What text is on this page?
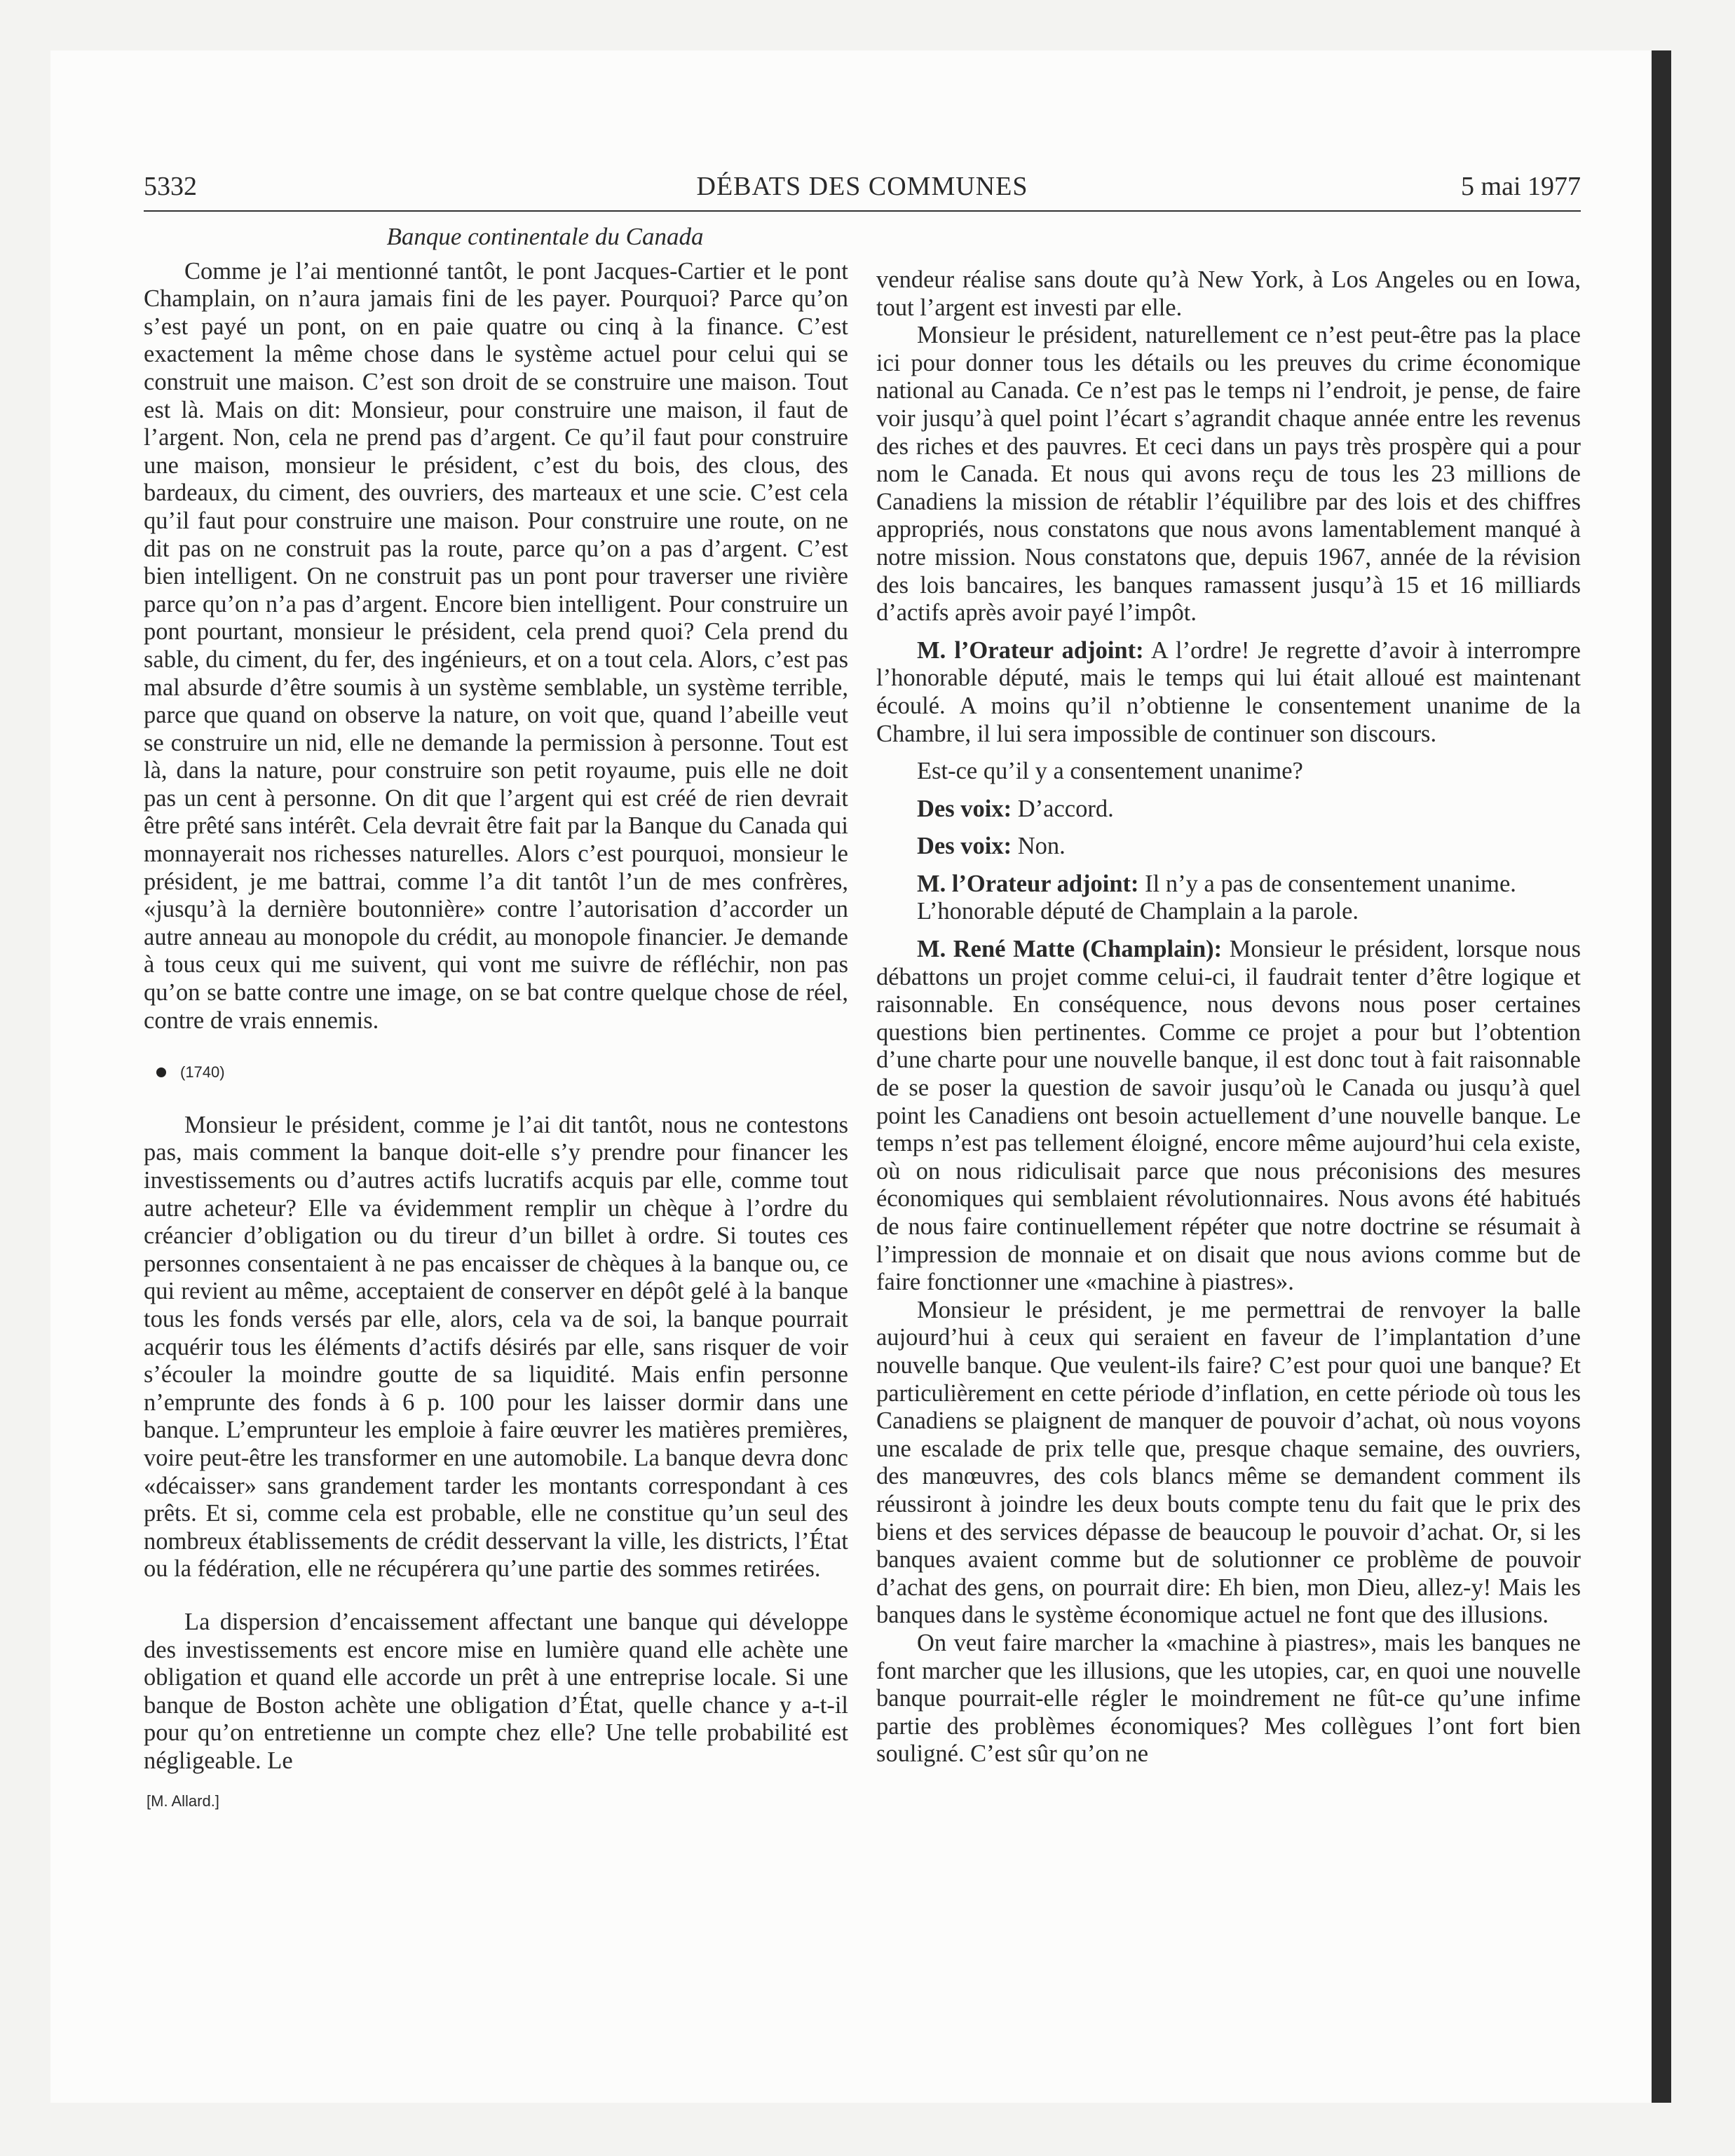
5332	DÉBATS DES COMMUNES	5 mai 1977
Banque continentale du Canada

Comme je l’ai mentionné tantôt, le pont Jacques-Cartier et le pont Champlain, on n’aura jamais fini de les payer. Pourquoi? Parce qu’on s’est payé un pont, on en paie quatre ou cinq à la finance. C’est exactement la même chose dans le système actuel pour celui qui se construit une maison. C’est son droit de se construire une maison. Tout est là. Mais on dit: Monsieur, pour construire une maison, il faut de l’argent. Non, cela ne prend pas d’argent. Ce qu’il faut pour construire une maison, monsieur le président, c’est du bois, des clous, des bardeaux, du ciment, des ouvriers, des marteaux et une scie. C’est cela qu’il faut pour construire une maison. Pour construire une route, on ne dit pas on ne construit pas la route, parce qu’on a pas d’argent. C’est bien intelligent. On ne construit pas un pont pour traverser une rivière parce qu’on n’a pas d’argent. Encore bien intelligent. Pour construire un pont pourtant, monsieur le président, cela prend quoi? Cela prend du sable, du ciment, du fer, des ingénieurs, et on a tout cela. Alors, c’est pas mal absurde d’être soumis à un système semblable, un système terrible, parce que quand on observe la nature, on voit que, quand l’abeille veut se construire un nid, elle ne demande la permission à personne. Tout est là, dans la nature, pour construire son petit royaume, puis elle ne doit pas un cent à personne. On dit que l’argent qui est créé de rien devrait être prêté sans intérêt. Cela devrait être fait par la Banque du Canada qui monnayerait nos richesses naturelles. Alors c’est pourquoi, monsieur le président, je me battrai, comme l’a dit tantôt l’un de mes confrères, «jusqu’à la dernière boutonnière» contre l’autorisation d’accorder un autre anneau au monopole du crédit, au monopole financier. Je demande à tous ceux qui me suivent, qui vont me suivre de réfléchir, non pas qu’on se batte contre une image, on se bat contre quelque chose de réel, contre de vrais ennemis.

(1740)

Monsieur le président, comme je l’ai dit tantôt, nous ne contestons pas, mais comment la banque doit-elle s’y prendre pour financer les investissements ou d’autres actifs lucratifs acquis par elle, comme tout autre acheteur? Elle va évidemment remplir un chèque à l’ordre du créancier d’obligation ou du tireur d’un billet à ordre. Si toutes ces personnes consentaient à ne pas encaisser de chèques à la banque ou, ce qui revient au même, acceptaient de conserver en dépôt gelé à la banque tous les fonds versés par elle, alors, cela va de soi, la banque pourrait acquérir tous les éléments d’actifs désirés par elle, sans risquer de voir s’écouler la moindre goutte de sa liquidité. Mais enfin personne n’emprunte des fonds à 6 p. 100 pour les laisser dormir dans une banque. L’emprunteur les emploie à faire œuvrer les matières premières, voire peut-être les transformer en une automobile. La banque devra donc «décaisser» sans grandement tarder les montants correspondant à ces prêts. Et si, comme cela est probable, elle ne constitue qu’un seul des nombreux établissements de crédit desservant la ville, les districts, l’État ou la fédération, elle ne récupérera qu’une partie des sommes retirées.

La dispersion d’encaissement affectant une banque qui développe des investissements est encore mise en lumière quand elle achète une obligation et quand elle accorde un prêt à une entreprise locale. Si une banque de Boston achète une obligation d’État, quelle chance y a-t-il pour qu’on entretienne un compte chez elle? Une telle probabilité est négligeable. Le

[M. Allard.]

vendeur réalise sans doute qu’à New York, à Los Angeles ou en Iowa, tout l’argent est investi par elle.

Monsieur le président, naturellement ce n’est peut-être pas la place ici pour donner tous les détails ou les preuves du crime économique national au Canada. Ce n’est pas le temps ni l’endroit, je pense, de faire voir jusqu’à quel point l’écart s’agrandit chaque année entre les revenus des riches et des pauvres. Et ceci dans un pays très prospère qui a pour nom le Canada. Et nous qui avons reçu de tous les 23 millions de Canadiens la mission de rétablir l’équilibre par des lois et des chiffres appropriés, nous constatons que nous avons lamentablement manqué à notre mission. Nous constatons que, depuis 1967, année de la révision des lois bancaires, les banques ramassent jusqu’à 15 et 16 milliards d’actifs après avoir payé l’impôt.

M. l’Orateur adjoint: A l’ordre! Je regrette d’avoir à interrompre l’honorable député, mais le temps qui lui était alloué est maintenant écoulé. A moins qu’il n’obtienne le consentement unanime de la Chambre, il lui sera impossible de continuer son discours.

Est-ce qu’il y a consentement unanime?

Des voix: D’accord.

Des voix: Non.

M. l’Orateur adjoint: Il n’y a pas de consentement unanime.

L’honorable député de Champlain a la parole.

M. René Matte (Champlain): Monsieur le président, lorsque nous débattons un projet comme celui-ci, il faudrait tenter d’être logique et raisonnable. En conséquence, nous devons nous poser certaines questions bien pertinentes. Comme ce projet a pour but l’obtention d’une charte pour une nouvelle banque, il est donc tout à fait raisonnable de se poser la question de savoir jusqu’où le Canada ou jusqu’à quel point les Canadiens ont besoin actuellement d’une nouvelle banque. Le temps n’est pas tellement éloigné, encore même aujourd’hui cela existe, où on nous ridiculisait parce que nous préconisions des mesures économiques qui semblaient révolutionnaires. Nous avons été habitués de nous faire continuellement répéter que notre doctrine se résumait à l’impression de monnaie et on disait que nous avions comme but de faire fonctionner une «machine à piastres».

Monsieur le président, je me permettrai de renvoyer la balle aujourd’hui à ceux qui seraient en faveur de l’implantation d’une nouvelle banque. Que veulent-ils faire? C’est pour quoi une banque? Et particulièrement en cette période d’inflation, en cette période où tous les Canadiens se plaignent de manquer de pouvoir d’achat, où nous voyons une escalade de prix telle que, presque chaque semaine, des ouvriers, des manœuvres, des cols blancs même se demandent comment ils réussiront à joindre les deux bouts compte tenu du fait que le prix des biens et des services dépasse de beaucoup le pouvoir d’achat. Or, si les banques avaient comme but de solutionner ce problème de pouvoir d’achat des gens, on pourrait dire: Eh bien, mon Dieu, allez-y! Mais les banques dans le système économique actuel ne font que des illusions.

On veut faire marcher la «machine à piastres», mais les banques ne font marcher que les illusions, que les utopies, car, en quoi une nouvelle banque pourrait-elle régler le moindrement ne fût-ce qu’une infime partie des problèmes économiques? Mes collègues l’ont fort bien souligné. C’est sûr qu’on ne
